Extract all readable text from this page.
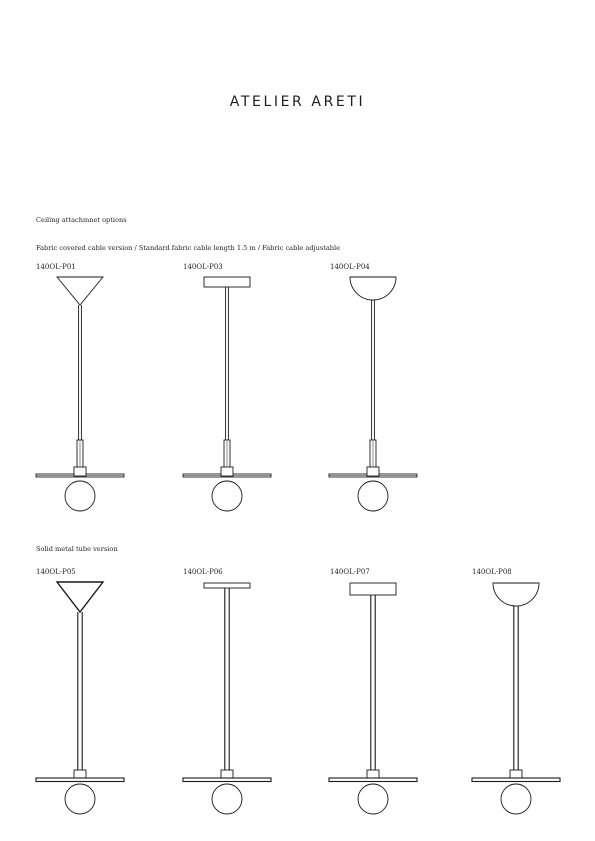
ATELIER ARETI
Ceiling attachmnet options
Fabric covered cable version / Standard fabric cable length 1.5 m / Fabric cable adjustable
140OL-P01	140OL-P03	140OL-P04
Solid metal tube version
140OL-P05	140OL-P06	140OL-P07	140OL-P08
